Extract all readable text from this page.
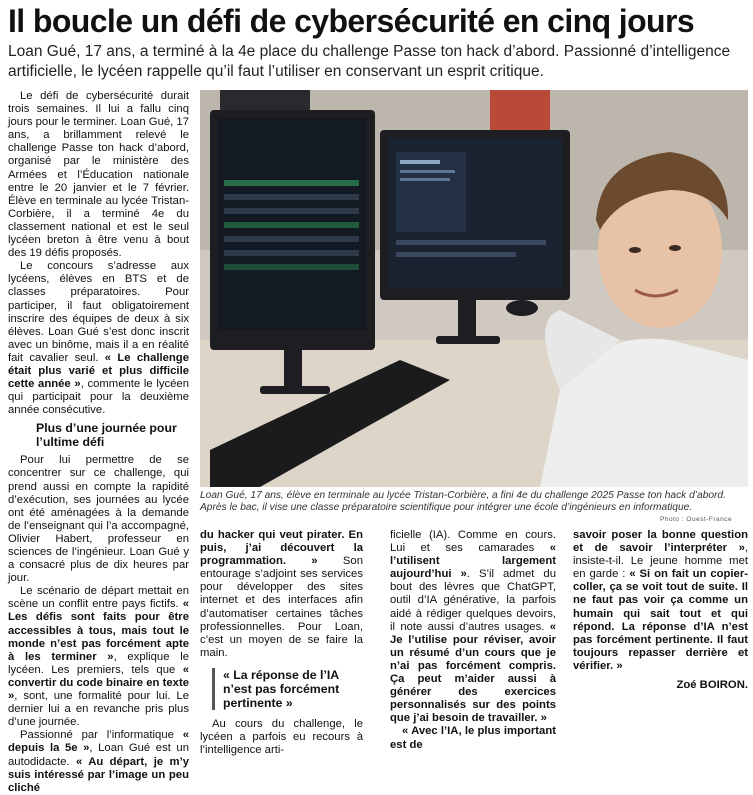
Il boucle un défi de cybersécurité en cinq jours
Loan Gué, 17 ans, a terminé à la 4e place du challenge Passe ton hack d’abord. Passionné d’intelligence artificielle, le lycéen rappelle qu’il faut l’utiliser en conservant un esprit critique.

Le défi de cybersécurité durait trois semaines. Il lui a fallu cinq jours pour le terminer. Loan Gué, 17 ans, a brillamment relevé le challenge Passe ton hack d’abord, organisé par le ministère des Armées et l’Éducation nationale entre le 20 janvier et le 7 février. Élève en terminale au lycée Tristan-Corbière, il a terminé 4e du classement national et est le seul lycéen breton à être venu à bout des 19 défis proposés.

Le concours s’adresse aux lycéens, élèves en BTS et de classes préparatoires. Pour participer, il faut obligatoirement inscrire des équipes de deux à six élèves. Loan Gué s’est donc inscrit avec un binôme, mais il a en réalité fait cavalier seul. « Le challenge était plus varié et plus difficile cette année », commente le lycéen qui participait pour la deuxième année consécutive.

Plus d’une journée pour l’ultime défi

Pour lui permettre de se concentrer sur ce challenge, qui prend aussi en compte la rapidité d’exécution, ses journées au lycée ont été aménagées à la demande de l’enseignant qui l’a accompagné, Olivier Habert, professeur en sciences de l’ingénieur. Loan Gué y a consacré plus de dix heures par jour.

Le scénario de départ mettait en scène un conflit entre pays fictifs. « Les défis sont faits pour être accessibles à tous, mais tout le monde n’est pas forcément apte à les terminer », explique le lycéen. Les premiers, tels que « convertir du code binaire en texte », sont, une formalité pour lui. Le dernier lui a en revanche pris plus d’une journée.

Passionné par l’informatique « depuis la 5e », Loan Gué est un autodidacte. « Au départ, je m’y suis intéressé par l’image un peu cliché

Loan Gué, 17 ans, élève en terminale au lycée Tristan-Corbière, a fini 4e du challenge 2025 Passe ton hack d’abord. Après le bac, il vise une classe préparatoire scientifique pour intégrer une école d’ingénieurs en informatique.
Photo : Ouest-France

du hacker qui veut pirater. En puis, j’ai découvert la programmation. » Son entourage s’adjoint ses services pour développer des sites internet et des interfaces afin d’automatiser certaines tâches professionnelles. Pour Loan, c’est un moyen de se faire la main.

« La réponse de l’IA n’est pas forcément pertinente »

Au cours du challenge, le lycéen a parfois eu recours à l’intelligence arti-

ficielle (IA). Comme en cours. Lui et ses camarades « l’utilisent largement aujourd’hui ». S’il admet du bout des lèvres que ChatGPT, outil d’IA générative, la parfois aidé à rédiger quelques devoirs, il note aussi d’autres usages. « Je l’utilise pour réviser, avoir un résumé d’un cours que je n’ai pas forcément compris. Ça peut m’aider aussi à générer des exercices personnalisés sur des points que j’ai besoin de travailler. »

« Avec l’IA, le plus important est de

savoir poser la bonne question et de savoir l’interpréter », insiste-t-il. Le jeune homme met en garde : « Si on fait un copier-coller, ça se voit tout de suite. Il ne faut pas voir ça comme un humain qui sait tout et qui répond. La réponse d’IA n’est pas forcément pertinente. Il faut toujours repasser derrière et vérifier. »

Zoé BOIRON.
